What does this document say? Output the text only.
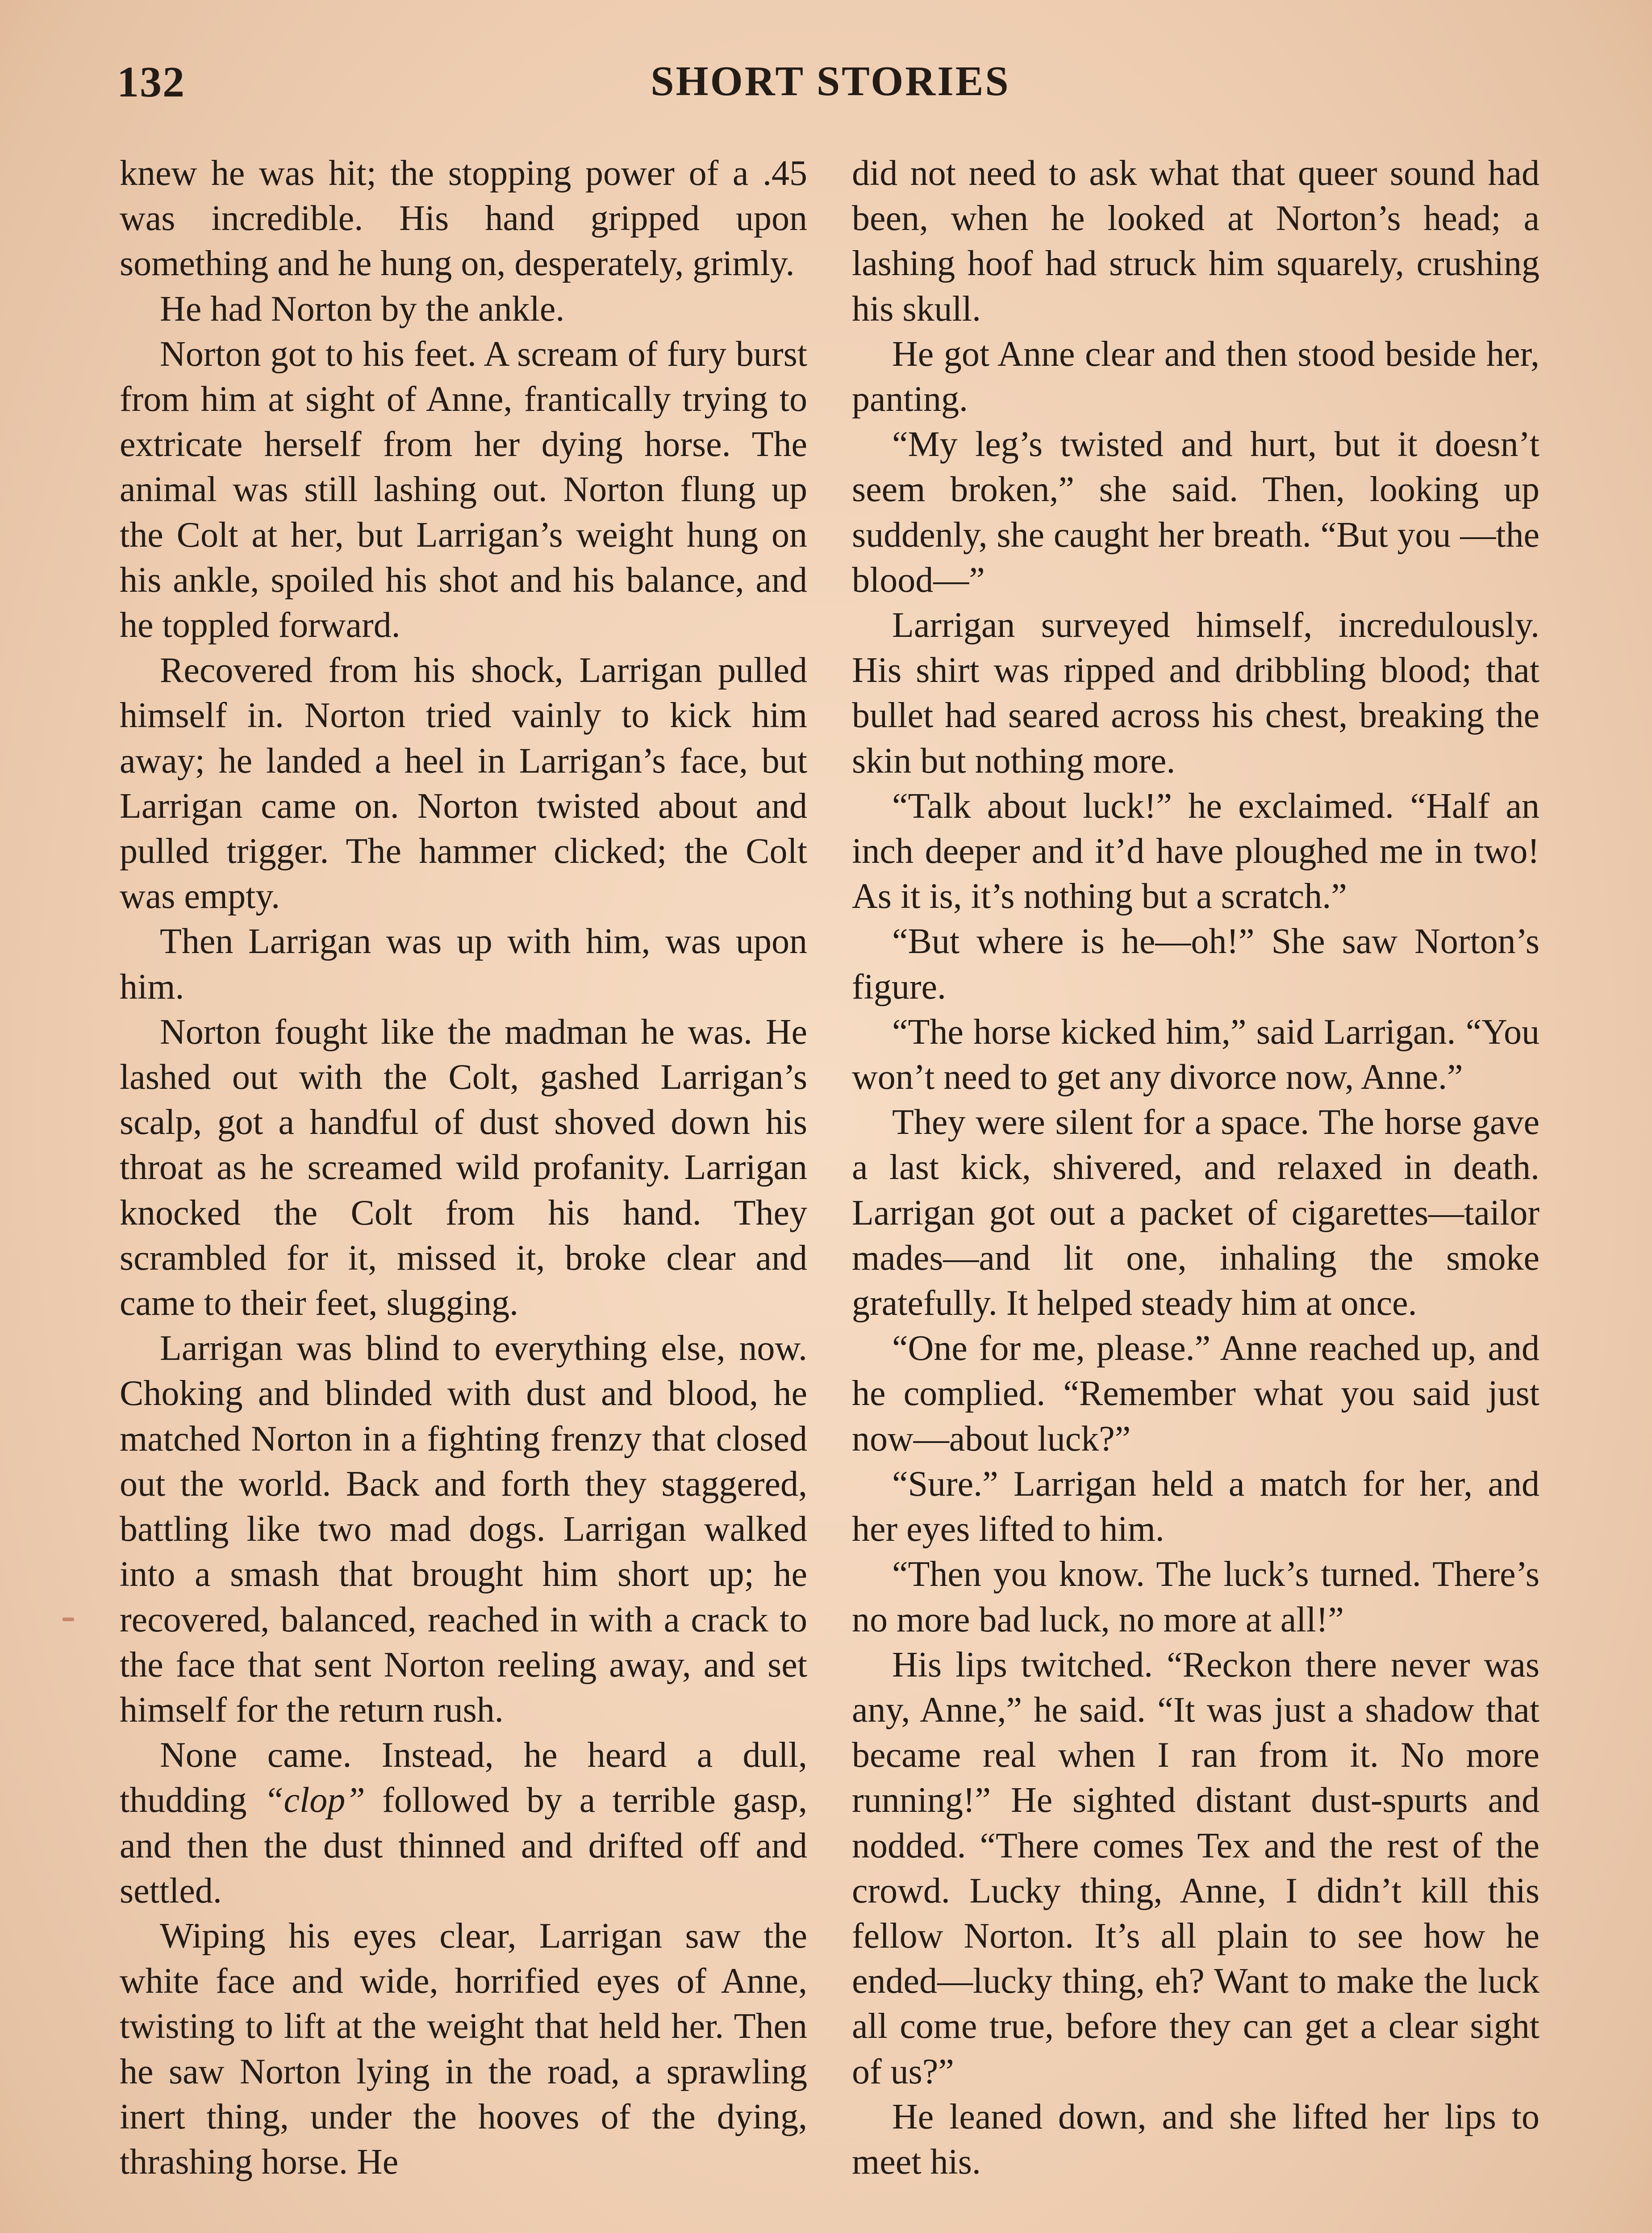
132	SHORT STORIES

knew he was hit; the stopping power of a .45 was incredible. His hand gripped upon something and he hung on, desperately, grimly.

He had Norton by the ankle.

Norton got to his feet. A scream of fury burst from him at sight of Anne, frantically trying to extricate herself from her dying horse. The animal was still lashing out. Norton flung up the Colt at her, but Larrigan’s weight hung on his ankle, spoiled his shot and his balance, and he toppled forward.

Recovered from his shock, Larrigan pulled himself in. Norton tried vainly to kick him away; he landed a heel in Larrigan’s face, but Larrigan came on. Norton twisted about and pulled trigger. The hammer clicked; the Colt was empty.

Then Larrigan was up with him, was upon him.

Norton fought like the madman he was. He lashed out with the Colt, gashed Larrigan’s scalp, got a handful of dust shoved down his throat as he screamed wild profanity. Larrigan knocked the Colt from his hand. They scrambled for it, missed it, broke clear and came to their feet, slugging.

Larrigan was blind to everything else, now. Choking and blinded with dust and blood, he matched Norton in a fighting frenzy that closed out the world. Back and forth they staggered, battling like two mad dogs. Larrigan walked into a smash that brought him short up; he recovered, balanced, reached in with a crack to the face that sent Norton reeling away, and set himself for the return rush.

None came. Instead, he heard a dull, thudding “clop” followed by a terrible gasp, and then the dust thinned and drifted off and settled.

Wiping his eyes clear, Larrigan saw the white face and wide, horrified eyes of Anne, twisting to lift at the weight that held her. Then he saw Norton lying in the road, a sprawling inert thing, under the hooves of the dying, thrashing horse. He

did not need to ask what that queer sound had been, when he looked at Norton’s head; a lashing hoof had struck him squarely, crushing his skull.

He got Anne clear and then stood beside her, panting.

“My leg’s twisted and hurt, but it doesn’t seem broken,” she said. Then, looking up suddenly, she caught her breath. “But you —the blood—”

Larrigan surveyed himself, incredulously. His shirt was ripped and dribbling blood; that bullet had seared across his chest, breaking the skin but nothing more.

“Talk about luck!” he exclaimed. “Half an inch deeper and it’d have ploughed me in two! As it is, it’s nothing but a scratch.”

“But where is he—oh!” She saw Norton’s figure.

“The horse kicked him,” said Larrigan. “You won’t need to get any divorce now, Anne.”

They were silent for a space. The horse gave a last kick, shivered, and relaxed in death. Larrigan got out a packet of cigarettes—tailor mades—and lit one, inhaling the smoke gratefully. It helped steady him at once.

“One for me, please.” Anne reached up, and he complied. “Remember what you said just now—about luck?”

“Sure.” Larrigan held a match for her, and her eyes lifted to him.

“Then you know. The luck’s turned. There’s no more bad luck, no more at all!”

His lips twitched. “Reckon there never was any, Anne,” he said. “It was just a shadow that became real when I ran from it. No more running!” He sighted distant dust-spurts and nodded. “There comes Tex and the rest of the crowd. Lucky thing, Anne, I didn’t kill this fellow Norton. It’s all plain to see how he ended—lucky thing, eh? Want to make the luck all come true, before they can get a clear sight of us?”

He leaned down, and she lifted her lips to meet his.
